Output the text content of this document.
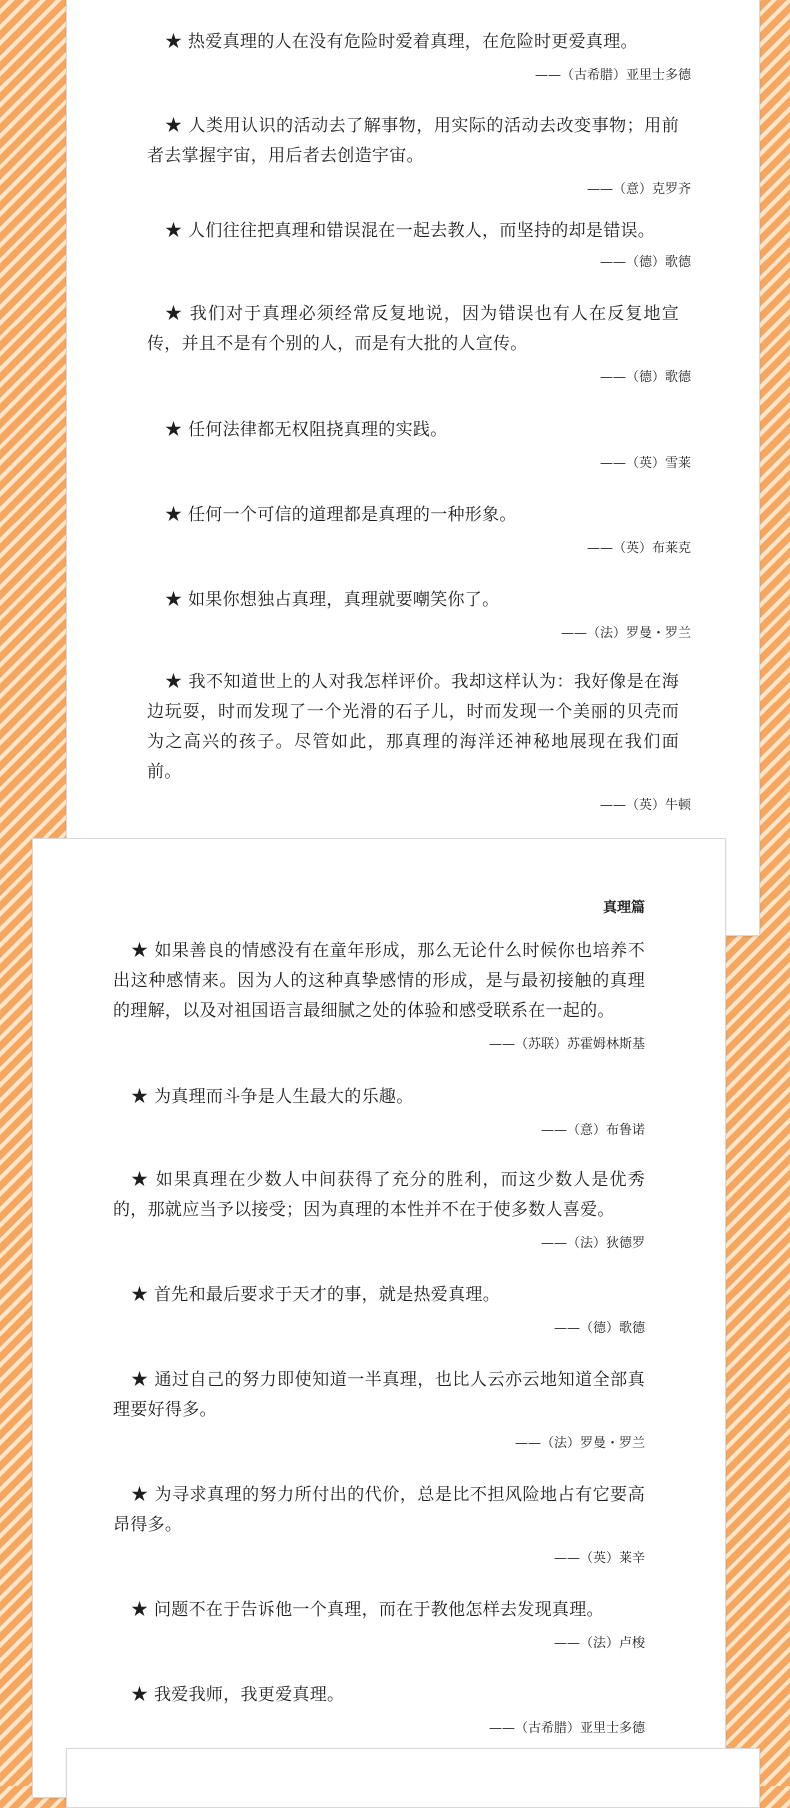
★ 热爱真理的人在没有危险时爱着真理，在危险时更爱真理。

——（古希腊）亚里士多德

★ 人类用认识的活动去了解事物，用实际的活动去改变事物；用前者去掌握宇宙，用后者去创造宇宙。

——（意）克罗齐

★ 人们往往把真理和错误混在一起去教人，而坚持的却是错误。

——（德）歌德

★ 我们对于真理必须经常反复地说，因为错误也有人在反复地宣传，并且不是有个别的人，而是有大批的人宣传。

——（德）歌德

★ 任何法律都无权阻挠真理的实践。

——（英）雪莱

★ 任何一个可信的道理都是真理的一种形象。

——（英）布莱克

★ 如果你想独占真理，真理就要嘲笑你了。

——（法）罗曼・罗兰

★ 我不知道世上的人对我怎样评价。我却这样认为：我好像是在海边玩耍，时而发现了一个光滑的石子儿，时而发现一个美丽的贝壳而为之高兴的孩子。尽管如此，那真理的海洋还神秘地展现在我们面前。

——（英）牛顿
真理篇

★ 如果善良的情感没有在童年形成，那么无论什么时候你也培养不出这种感情来。因为人的这种真挚感情的形成，是与最初接触的真理的理解，以及对祖国语言最细腻之处的体验和感受联系在一起的。

——（苏联）苏霍姆林斯基

★ 为真理而斗争是人生最大的乐趣。

——（意）布鲁诺

★ 如果真理在少数人中间获得了充分的胜利，而这少数人是优秀的，那就应当予以接受；因为真理的本性并不在于使多数人喜爱。

——（法）狄德罗

★ 首先和最后要求于天才的事，就是热爱真理。

——（德）歌德

★ 通过自己的努力即使知道一半真理，也比人云亦云地知道全部真理要好得多。

——（法）罗曼・罗兰

★ 为寻求真理的努力所付出的代价，总是比不担风险地占有它要高昂得多。

——（英）莱辛

★ 问题不在于告诉他一个真理，而在于教他怎样去发现真理。

——（法）卢梭

★ 我爱我师，我更爱真理。

——（古希腊）亚里士多德
